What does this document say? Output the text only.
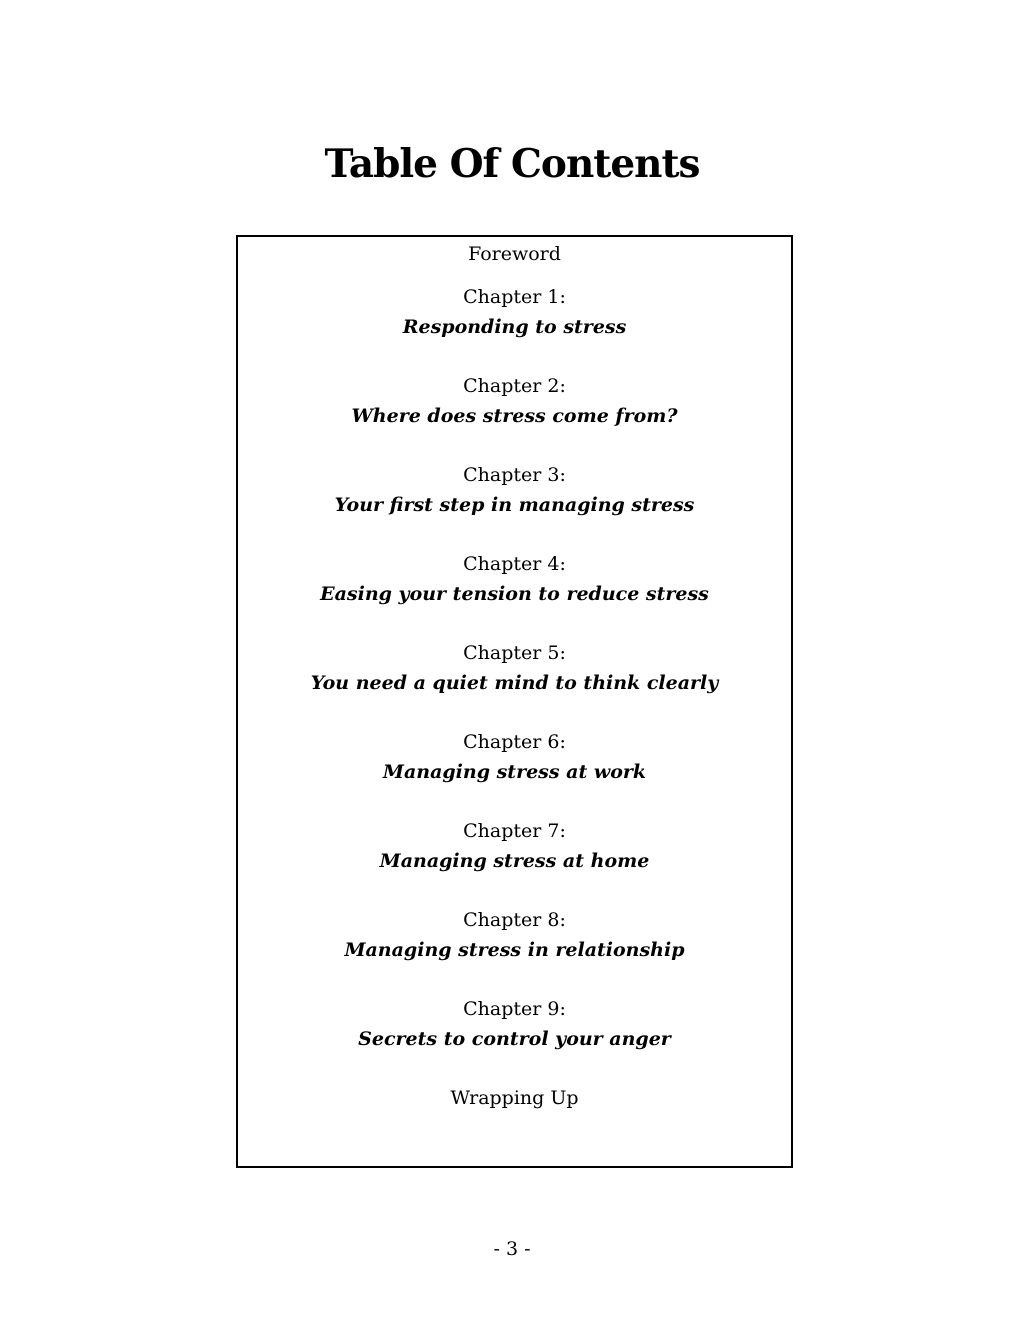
Table Of Contents
Foreword
Chapter 1:
Responding to stress
Chapter 2:
Where does stress come from?
Chapter 3:
Your first step in managing stress
Chapter 4:
Easing your tension to reduce stress
Chapter 5:
You need a quiet mind to think clearly
Chapter 6:
Managing stress at work
Chapter 7:
Managing stress at home
Chapter 8:
Managing stress in relationship
Chapter 9:
Secrets to control your anger
Wrapping Up
- 3 -
